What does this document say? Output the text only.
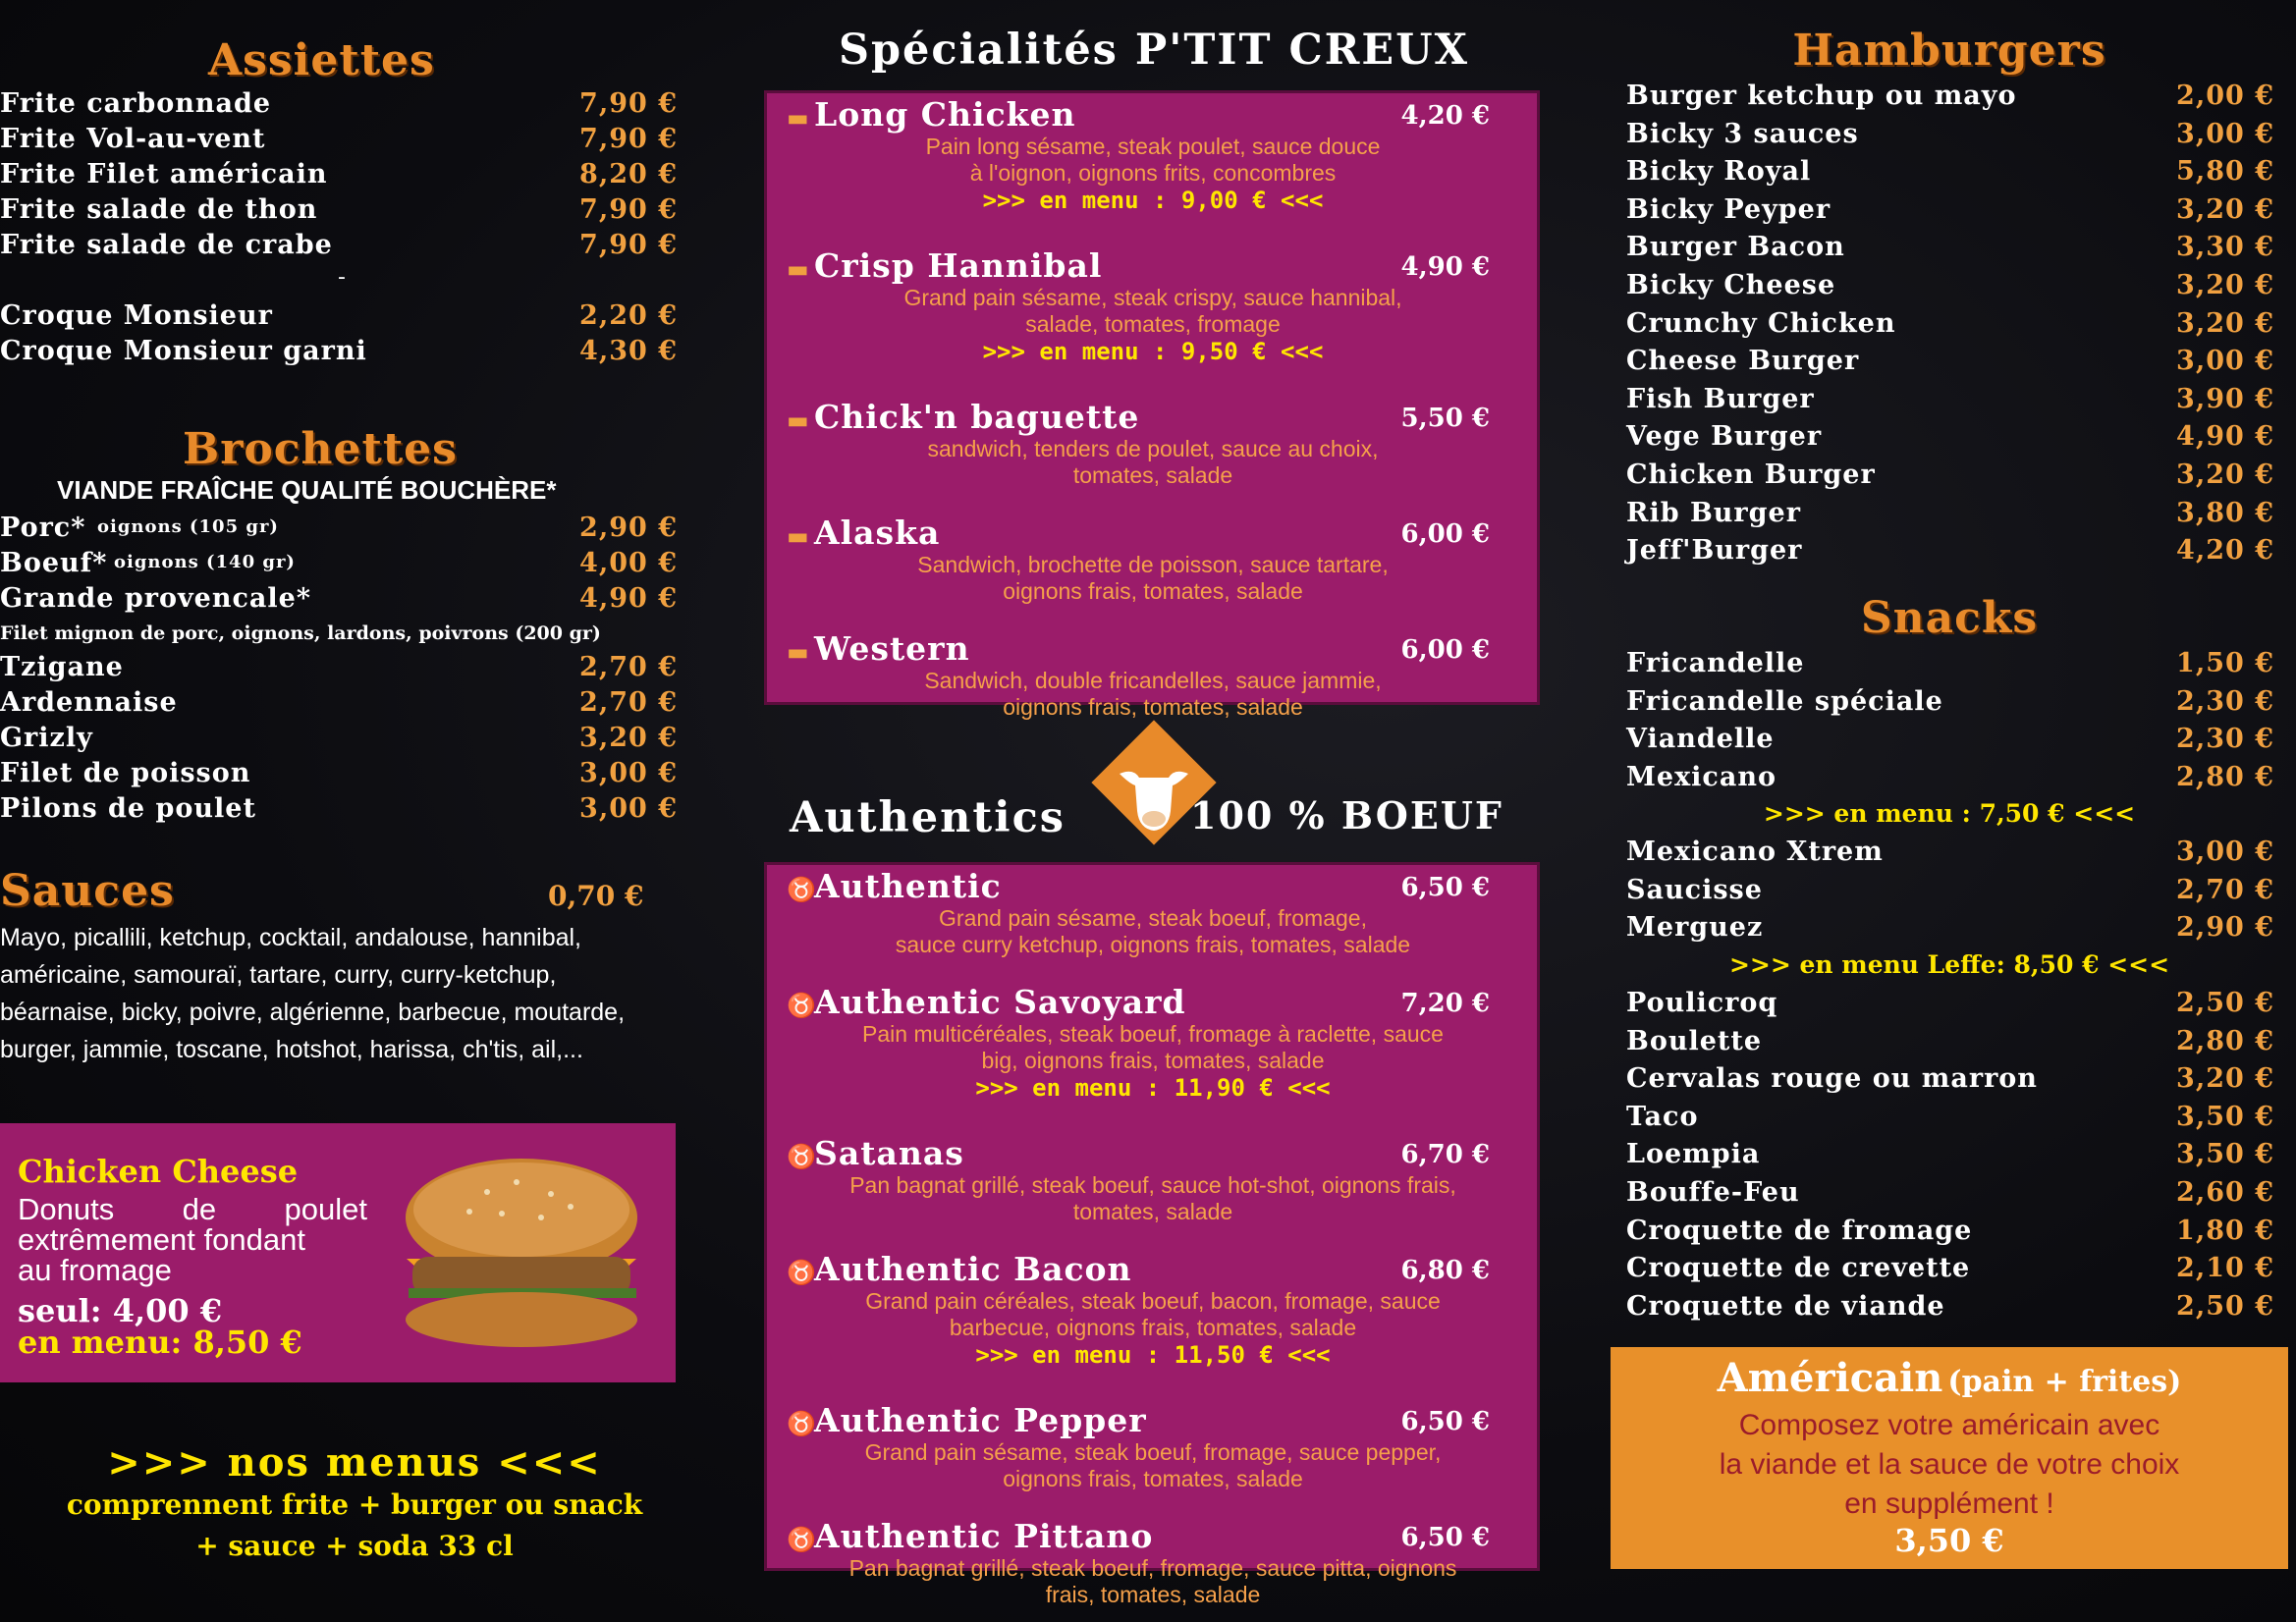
Assiettes
-
Brochettes
VIANDE FRAÎCHE QUALITÉ BOUCHÈRE*
Filet mignon de porc, oignons, lardons, poivrons (200 gr)
Sauces	0,70 €
Mayo, picallili, ketchup, cocktail, andalouse, hannibal,
américaine, samouraï, tartare, curry, curry-ketchup,
béarnaise, bicky, poivre, algérienne, barbecue, moutarde,
burger, jammie, toscane, hotshot, harissa, ch'tis, ail,...
Chicken Cheese
Donuts de poulet
extrêmement fondant
au fromage
seul: 4,00 €
en menu: 8,50 €
>>> nos menus <<<
comprennent frite + burger ou snack
+ sauce + soda 33 cl
Spécialités P'TIT CREUX
▬ Long Chicken	4,20 €
Pain long sésame, steak poulet, sauce douce
à l'oignon, oignons frits, concombres
>>> en menu : 9,00 € <<<
▬ Crisp Hannibal	4,90 €
Grand pain sésame, steak crispy, sauce hannibal,
salade, tomates, fromage
>>> en menu : 9,50 € <<<
▬ Chick'n baguette	5,50 €
sandwich, tenders de poulet, sauce au choix,
tomates, salade
▬ Alaska	6,00 €
Sandwich, brochette de poisson, sauce tartare,
oignons frais, tomates, salade
▬ Western	6,00 €
Sandwich, double fricandelles, sauce jammie,
oignons frais, tomates, salade
Authentics	100 % BOEUF
♉Authentic	6,50 €
Grand pain sésame, steak boeuf, fromage,
sauce curry ketchup, oignons frais, tomates, salade
♉Authentic Savoyard	7,20 €
Pain multicéréales, steak boeuf, fromage à raclette, sauce
big, oignons frais, tomates, salade
>>> en menu : 11,90 € <<<
♉Satanas	6,70 €
Pan bagnat grillé, steak boeuf, sauce hot-shot, oignons frais,
tomates, salade
♉Authentic Bacon	6,80 €
Grand pain céréales, steak boeuf, bacon, fromage, sauce
barbecue, oignons frais, tomates, salade
>>> en menu : 11,50 € <<<
♉Authentic Pepper	6,50 €
Grand pain sésame, steak boeuf, fromage, sauce pepper,
oignons frais, tomates, salade
♉Authentic Pittano	6,50 €
Pan bagnat grillé, steak boeuf, fromage, sauce pitta, oignons
frais, tomates, salade
Hamburgers
Snacks
>>> en menu : 7,50 € <<<
>>> en menu Leffe: 8,50 € <<<
Américain (pain + frites)
Composez votre américain avec
la viande et la sauce de votre choix
en supplément !
3,50 €
Frite carbonnade	7,90 €
Frite Vol-au-vent	7,90 €
Frite Filet américain	8,20 €
Frite salade de thon	7,90 €
Frite salade de crabe	7,90 €
Croque Monsieur	2,20 €
Croque Monsieur garni	4,30 €
Porc* oignons (105 gr)	2,90 €
Boeuf* oignons (140 gr)	4,00 €
Grande provencale*	4,90 €
Tzigane	2,70 €
Ardennaise	2,70 €
Grizly	3,20 €
Filet de poisson	3,00 €
Pilons de poulet	3,00 €
Burger ketchup ou mayo	2,00 €
Bicky 3 sauces	3,00 €
Bicky Royal	5,80 €
Bicky Peyper	3,20 €
Burger Bacon	3,30 €
Bicky Cheese	3,20 €
Crunchy Chicken	3,20 €
Cheese Burger	3,00 €
Fish Burger	3,90 €
Vege Burger	4,90 €
Chicken Burger	3,20 €
Rib Burger	3,80 €
Jeff'Burger	4,20 €
Fricandelle	1,50 €
Fricandelle spéciale	2,30 €
Viandelle	2,30 €
Mexicano	2,80 €
Mexicano Xtrem	3,00 €
Saucisse	2,70 €
Merguez	2,90 €
Poulicroq	2,50 €
Boulette	2,80 €
Cervalas rouge ou marron	3,20 €
Taco	3,50 €
Loempia	3,50 €
Bouffe-Feu	2,60 €
Croquette de fromage	1,80 €
Croquette de crevette	2,10 €
Croquette de viande	2,50 €
